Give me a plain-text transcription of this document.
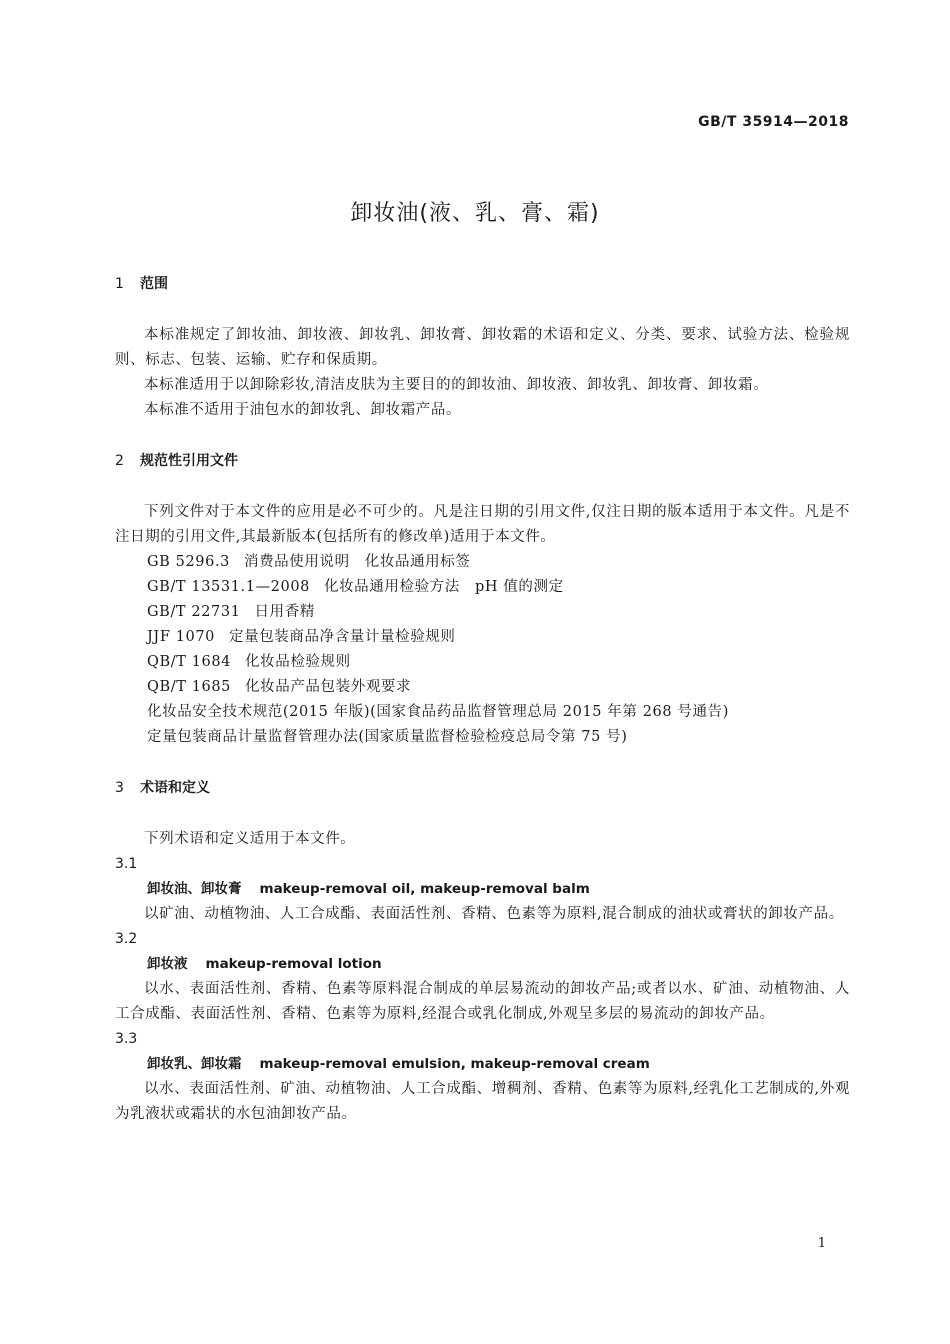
GB/T 35914—2018
卸妆油(液、乳、膏、霜)
1 范围

本标准规定了卸妆油、卸妆液、卸妆乳、卸妆膏、卸妆霜的术语和定义、分类、要求、试验方法、检验规则、标志、包装、运输、贮存和保质期。

本标准适用于以卸除彩妆,清洁皮肤为主要目的的卸妆油、卸妆液、卸妆乳、卸妆膏、卸妆霜。

本标准不适用于油包水的卸妆乳、卸妆霜产品。

2 规范性引用文件

下列文件对于本文件的应用是必不可少的。凡是注日期的引用文件,仅注日期的版本适用于本文件。凡是不注日期的引用文件,其最新版本(包括所有的修改单)适用于本文件。

GB 5296.3 消费品使用说明　化妆品通用标签

GB/T 13531.1—2008 化妆品通用检验方法　pH 值的测定

GB/T 22731 日用香精

JJF 1070 定量包装商品净含量计量检验规则

QB/T 1684 化妆品检验规则

QB/T 1685 化妆品产品包装外观要求

化妆品安全技术规范(2015 年版)(国家食品药品监督管理总局 2015 年第 268 号通告)

定量包装商品计量监督管理办法(国家质量监督检验检疫总局令第 75 号)

3 术语和定义

下列术语和定义适用于本文件。

3.1

卸妆油、卸妆膏 makeup-removal oil, makeup-removal balm

以矿油、动植物油、人工合成酯、表面活性剂、香精、色素等为原料,混合制成的油状或膏状的卸妆产品。

3.2

卸妆液 makeup-removal lotion

以水、表面活性剂、香精、色素等原料混合制成的单层易流动的卸妆产品;或者以水、矿油、动植物油、人工合成酯、表面活性剂、香精、色素等为原料,经混合或乳化制成,外观呈多层的易流动的卸妆产品。

3.3

卸妆乳、卸妆霜 makeup-removal emulsion, makeup-removal cream

以水、表面活性剂、矿油、动植物油、人工合成酯、增稠剂、香精、色素等为原料,经乳化工艺制成的,外观为乳液状或霜状的水包油卸妆产品。

1
